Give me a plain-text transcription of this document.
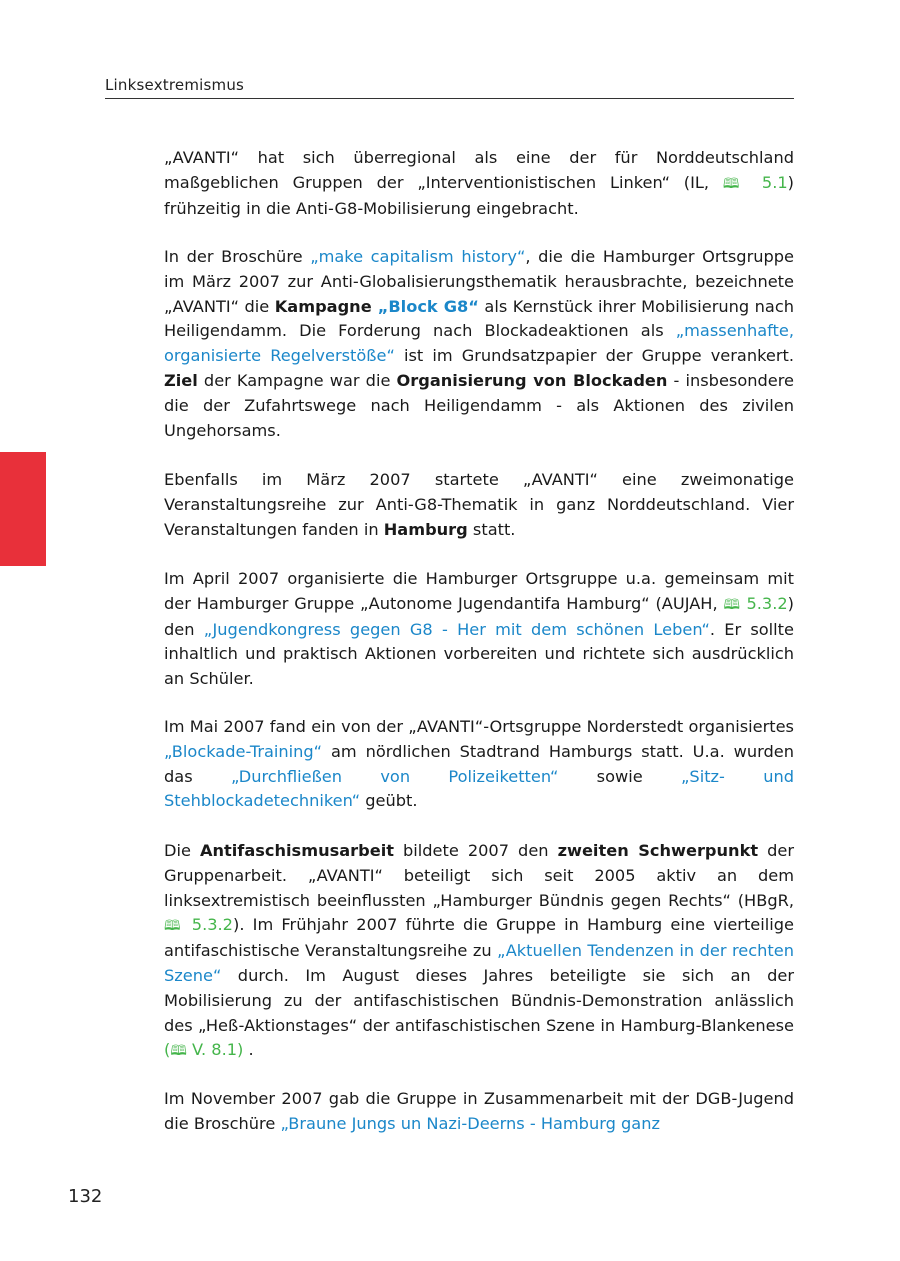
Linksextremismus

„AVANTI“ hat sich überregional als eine der für Norddeutschland maßgeblichen Gruppen der „Interventionistischen Linken“ (IL, 🕮 5.1) frühzeitig in die Anti-G8-Mobilisierung eingebracht.

In der Broschüre „make capitalism history“, die die Hamburger Ortsgruppe im März 2007 zur Anti-Globalisierungsthematik herausbrachte, bezeichnete „AVANTI“ die Kampagne „Block G8“ als Kernstück ihrer Mobilisierung nach Heiligendamm. Die Forderung nach Blockadeaktionen als „massenhafte, organisierte Regelverstöße“ ist im Grundsatzpapier der Gruppe verankert. Ziel der Kampagne war die Organisierung von Blockaden - insbesondere die der Zufahrtswege nach Heiligendamm - als Aktionen des zivilen Ungehorsams.

Ebenfalls im März 2007 startete „AVANTI“ eine zweimonatige Veranstaltungsreihe zur Anti-G8-Thematik in ganz Norddeutschland. Vier Veranstaltungen fanden in Hamburg statt.

Im April 2007 organisierte die Hamburger Ortsgruppe u.a. gemeinsam mit der Hamburger Gruppe „Autonome Jugendantifa Hamburg“ (AUJAH, 🕮 5.3.2) den „Jugendkongress gegen G8 - Her mit dem schönen Leben“. Er sollte inhaltlich und praktisch Aktionen vorbereiten und richtete sich ausdrücklich an Schüler.

Im Mai 2007 fand ein von der „AVANTI“-Ortsgruppe Norderstedt organisiertes „Blockade-Training“ am nördlichen Stadtrand Hamburgs statt. U.a. wurden das „Durchfließen von Polizeiketten“ sowie „Sitz- und Stehblockadetechniken“ geübt.

Die Antifaschismusarbeit bildete 2007 den zweiten Schwerpunkt der Gruppenarbeit. „AVANTI“ beteiligt sich seit 2005 aktiv an dem linksextremistisch beeinflussten „Hamburger Bündnis gegen Rechts“ (HBgR, 🕮 5.3.2). Im Frühjahr 2007 führte die Gruppe in Hamburg eine vierteilige antifaschistische Veranstaltungsreihe zu „Aktuellen Tendenzen in der rechten Szene“ durch. Im August dieses Jahres beteiligte sie sich an der Mobilisierung zu der antifaschistischen Bündnis-Demonstration anlässlich des „Heß-Aktionstages“ der antifaschistischen Szene in Hamburg-Blankenese (🕮 V. 8.1) .

Im November 2007 gab die Gruppe in Zusammenarbeit mit der DGB-Jugend die Broschüre „Braune Jungs un Nazi-Deerns - Hamburg ganz

132
